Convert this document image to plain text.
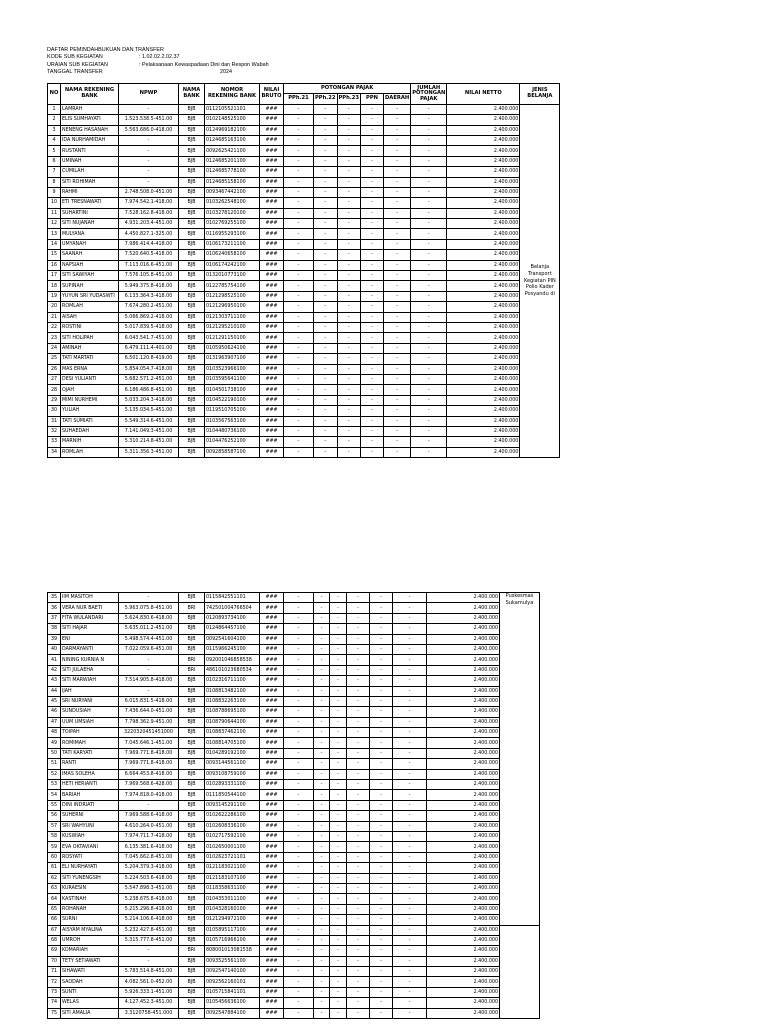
DAFTAR PEMINDAHBUKUAN DAN TRANSFER
KODE SUB KEGIATAN	: 1.02.02.2.02.37
URAIAN SUB KEGIATAN	: Pelaksanaan Kewaspadaan Dini dan Respon Wabah
TANGGAL TRANSFER	2024
NO	NAMA REKENING BANK	NPWP	NAMA BANK	NOMOR REKENING BANK	NILAI BRUTO	POTONGAN PAJAK					JUMLAH POTONGAN PAJAK	NILAI NETTO	JENIS BELANJA
						PPh.21	PPh.22	PPh.23	PPN	DAERAH			
1	LAMRAH	-	BJB	0112105521101	###	-	-	-	-	-	-	2.400.000	Belanja Transport Kegiatan PIN Polio Kader Posyandu di
2	ELIS SUMHAYATI	1.523.538.5-451.00	BJB	0102148525100	###	-	-	-	-	-	-	2.400.000	
3	NENENG HASANAH	5.563.686.0-418.00	BJB	0124969182100	###	-	-	-	-	-	-	2.400.000	
4	IDA NURHAMIDAH	-	BJB	0124685163100	###	-	-	-	-	-	-	2.400.000	
5	RUSTANTI	-	BJB	0092625421100	###	-	-	-	-	-	-	2.400.000	
6	UMINAH	-	BJB	0124685201100	###	-	-	-	-	-	-	2.400.000	
7	CUMILAH	-	BJB	0124685778100	###	-	-	-	-	-	-	2.400.000	
8	SITI ROHIMAH	-	BJB	0124685158100	###	-	-	-	-	-	-	2.400.000	
9	RAHMI	2.748.508.0-451.00	BJB	0093467442100	###	-	-	-	-	-	-	2.400.000	
10	ETI TRESNAWATI	7.974.542.1-418.00	BJB	0103262548100	###	-	-	-	-	-	-	2.400.000	
11	SUHARTINI	7.528.162.8-418.00	BJB	0103278120100	###	-	-	-	-	-	-	2.400.000	
12	SITI NUJANAH	4.931.203.4-451.00	BJB	0102769255100	###	-	-	-	-	-	-	2.400.000	
13	MULYANA	4.450.827.1-325.00	BJB	0116955293100	###	-	-	-	-	-	-	2.400.000	
14	UMYANAH	7.986.414.4-418.00	BJB	0106173211100	###	-	-	-	-	-	-	2.400.000	
15	SAANAH	7.520.640.5-418.00	BJB	0106240658100	###	-	-	-	-	-	-	2.400.000	
16	NAPSIAH	7.113.016.6-451.00	BJB	0106174242100	###	-	-	-	-	-	-	2.400.000	
17	SITI SAWIYAH	7.576.105.8-451.00	BJB	0132010773100	###	-	-	-	-	-	-	2.400.000	
18	SUPINAH	5.949.375.8-418.00	BJB	0122785754100	###	-	-	-	-	-	-	2.400.000	
19	YUYUN SRI YUDASWTI	6.133.364.3-418.00	BJB	0121298525100	###	-	-	-	-	-	-	2.400.000	
20	ROMLAH	7.674.280.2-451.00	BJB	0121296950100	###	-	-	-	-	-	-	2.400.000	
21	AISAH	5.066.869.2-418.00	BJB	0121303711100	###	-	-	-	-	-	-	2.400.000	
22	ROSTINI	5.017.839.5-418.00	BJB	0121295210100	###	-	-	-	-	-	-	2.400.000	
23	SITI HOLIPAH	6.043.541.7-451.00	BJB	0121291150100	###	-	-	-	-	-	-	2.400.000	
24	AMINAH	6.479.111.4-401.00	BJB	0105950624100	###	-	-	-	-	-	-	2.400.000	
25	TATI MARTATI	6.501.120.8-419.00	BJB	0131963907100	###	-	-	-	-	-	-	2.400.000	
26	MAS ERNA	5.854.054.7-418.00	BJB	0103523966100	###	-	-	-	-	-	-	2.400.000	
27	DESI YULIANTI	5.682.571.2-451.00	BJB	0103595641100	###	-	-	-	-	-	-	2.400.000	
28	OJAH	6.186.486.8-451.00	BJB	0104501738100	###	-	-	-	-	-	-	2.400.000	
29	MIMI NURHEMI	5.033.204.3-418.00	BJB	0104522190100	###	-	-	-	-	-	-	2.400.000	
30	YULIAH	5.135.034.5-451.00	BJB	0119510705100	###	-	-	-	-	-	-	2.400.000	
31	TATI SUMIATI	5.549.314.6-451.00	BJB	0103567563100	###	-	-	-	-	-	-	2.400.000	
32	SUHAEDAH	7.141.049.3-451.00	BJB	0104480736100	###	-	-	-	-	-	-	2.400.000	
33	MARNIH	5.310.214.8-451.00	BJB	0104476252100	###	-	-	-	-	-	-	2.400.000	
34	ROMLAH	5.311.356.3-451.00	BJB	0092858587100	###	-	-	-	-	-	-	2.400.000	
35	IIM MASITOH	-	BJB	0115842551101	###	-	-	-	-	-	-	2.400.000	Puskesmas Sukamulya
36	VERA NUR BAETI	5.963.075.8-451.00	BRI	742501004766504	###	-	-	-	-	-	-	2.400.000	
37	FITA WULANDARI	5.624.830.6-418.00	BJB	0120893734100	###	-	-	-	-	-	-	2.400.000	
38	SITI HAJAR	5.635.011.2-451.00	BJB	0124864457100	###	-	-	-	-	-	-	2.400.000	
39	ENI	5.498.574.4-451.00	BJB	0092541604100	###	-	-	-	-	-	-	2.400.000	
40	DARMAYANTI	7.022.059.6-451.00	BJB	0115966245100	###	-	-	-	-	-	-	2.400.000	
41	NINING KURNIA N	-	BRI	092001046858538	###	-	-	-	-	-	-	2.400.000	
42	SITI JULAEHA	-	BRI	486101023680534	###	-	-	-	-	-	-	2.400.000	
43	SITI MARWIAH	7.514.905.8-418.00	BJB	0102316711100	###	-	-	-	-	-	-	2.400.000	
44	IJAH	-	BJB	0108813482100	###	-	-	-	-	-	-	2.400.000	
45	SRI NURYANI	6.015.831.5-418.00	BJB	0108832263100	###	-	-	-	-	-	-	2.400.000	
46	SUNDUSIAH	7.436.644.0-451.00	BJB	0108788695100	###	-	-	-	-	-	-	2.400.000	
47	UUM UMSIAH	7.798.362.9-451.00	BJB	0108790644100	###	-	-	-	-	-	-	2.400.000	
48	TOIPAH	3220320451451000	BJB	0108837462100	###	-	-	-	-	-	-	2.400.000	
49	ROMIMAH	7.045.646.1-451.00	BJB	0108814705100	###	-	-	-	-	-	-	2.400.000	
50	TATI KARYATI	7.969.771.8-418.00	BJB	0104289192100	###	-	-	-	-	-	-	2.400.000	
51	RANTI	7.969.771.8-418.00	BJB	0093144561100	###	-	-	-	-	-	-	2.400.000	
52	IMAS SOLEHA	6.664.453.8-418.00	BJB	0093108759100	###	-	-	-	-	-	-	2.400.000	
53	HETI HERIANTI	7.969.568.6-428.00	BJB	0102893331100	###	-	-	-	-	-	-	2.400.000	
54	BARIAH	7.974.818.0-418.00	BJB	0111850544100	###	-	-	-	-	-	-	2.400.000	
55	DINI INDRIATI	-	BJB	0093145291100	###	-	-	-	-	-	-	2.400.000	
56	SUHERNI	7.969.588.6-418.00	BJB	0102622286100	###	-	-	-	-	-	-	2.400.000	
57	SRI WAHYUNI	4.610.264.0-451.00	BJB	0102608336100	###	-	-	-	-	-	-	2.400.000	
58	KUSWIAH	7.974.711.7-418.00	BJB	0102717592100	###	-	-	-	-	-	-	2.400.000	
59	EVA OKTAVIANI	6.135.381.6-418.00	BJB	0102650001100	###	-	-	-	-	-	-	2.400.000	
60	ROSYATI	7.045.662.8-451.00	BJB	0102623721101	###	-	-	-	-	-	-	2.400.000	
61	ELI NURHAYATI	5.204.379.3-418.00	BJB	0121183021100	###	-	-	-	-	-	-	2.400.000	
62	SITI YUNENGSIH	5.224.503.6-418.00	BJB	0121183107100	###	-	-	-	-	-	-	2.400.000	
63	KURAESIN	5.547.898.3-451.00	BJB	0118358631100	###	-	-	-	-	-	-	2.400.000	
64	KASTINAH	5.238.675.8-418.00	BJB	0104353011100	###	-	-	-	-	-	-	2.400.000	
65	ROHANAH	5.215.296.8-418.00	BJB	0104328160100	###	-	-	-	-	-	-	2.400.000	
66	SURNI	5.214.106.6-418.00	BJB	0121294972100	###	-	-	-	-	-	-	2.400.000	
67	AISYAM MYALINA	5.232.427.8-451.00	BJB	0105895117100	###	-	-	-	-	-	-	2.400.000	
68	UMROH	5.315.777.8-451.00	BJB	0105716966100	###	-	-	-	-	-	-	2.400.000	
69	KOMARIAH	-	BRI	808001013081538	###	-	-	-	-	-	-	2.400.000	
70	TETY SETIAWATI	-	BJB	0093525561100	###	-	-	-	-	-	-	2.400.000	
71	SIHAWATI	5.783.514.8-451.00	BJB	0092547140100	###	-	-	-	-	-	-	2.400.000	
72	SAODAH	4.082.561.0-452.00	BJB	0092562160101	###	-	-	-	-	-	-	2.400.000	
73	SUNTI	5.926.333.1-451.00	BJB	0105715841101	###	-	-	-	-	-	-	2.400.000	
74	WELAS	4.127.452.3-451.00	BJB	0105456636100	###	-	-	-	-	-	-	2.400.000	
75	SITI AMALIA	3.3120758-451.000	BJB	0092547884100	###	-	-	-	-	-	-	2.400.000	
